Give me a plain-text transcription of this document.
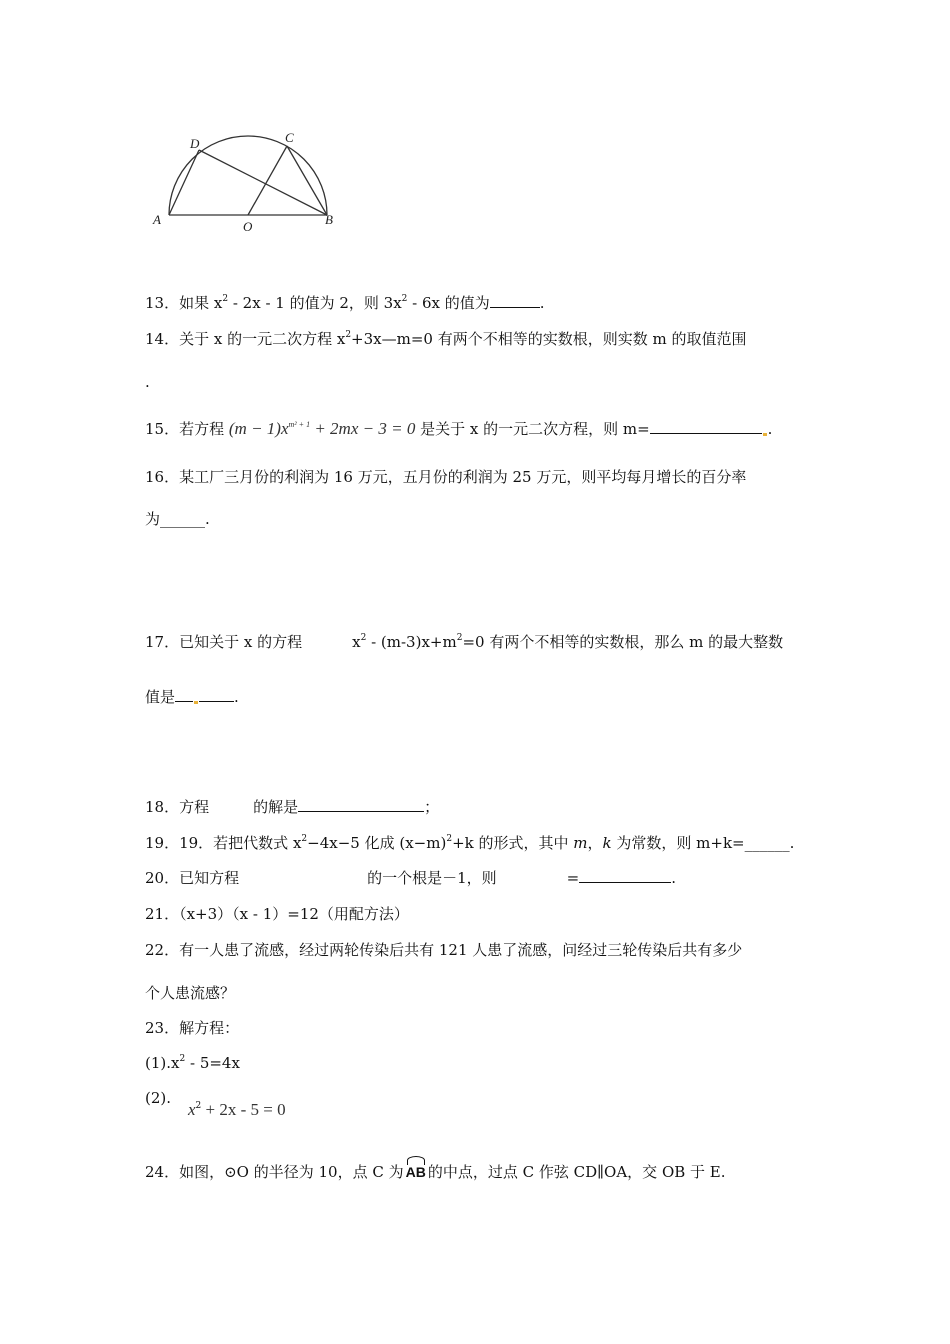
A
D	C
O	B
13．如果 $x^2 - 2x - 1$ 的值为 2，则 $3x^2 - 6x$ 的值为	.
14．关于 x 的一元二次方程 $x^2+3x—m=0$ 有两个不相等的实数根，则实数 m 的取值范围
.
15．若方程 $(m - 1)x^{m^2 + 1} + 2mx - 3 = 0$ 是关于 x 的一元二次方程，则 m=	.
16．某工厂三月份的利润为 16 万元，五月份的利润为 25 万元，则平均每月增长的百分率
为______.
17．已知关于 x 的方程	$x^2 - (m-3)x+m^2=0$ 有两个不相等的实数根，那么 m 的最大整数
值是	.
18．方程	的解是	；
19．19．若把代数式 $x^2-4x-5$ 化成 $(x-m)^2+k$ 的形式，其中 m，k 为常数，则 m+k=______.
20．已知方程	的一个根是－1，则	=	.
21．（x+3）（x - 1）=12（用配方法）
22．有一人患了流感，经过两轮传染后共有 121 人患了流感，问经过三轮传染后共有多少
个人患流感？
23．解方程：
$(1).x^2 - 5=4x$
(2).
$x^2 + 2x - 5 = 0$
24．如图，⊙O 的半径为 10，点 C 为 AB 的中点，过点 C 作弦 CD∥OA，交 OB 于 E.
